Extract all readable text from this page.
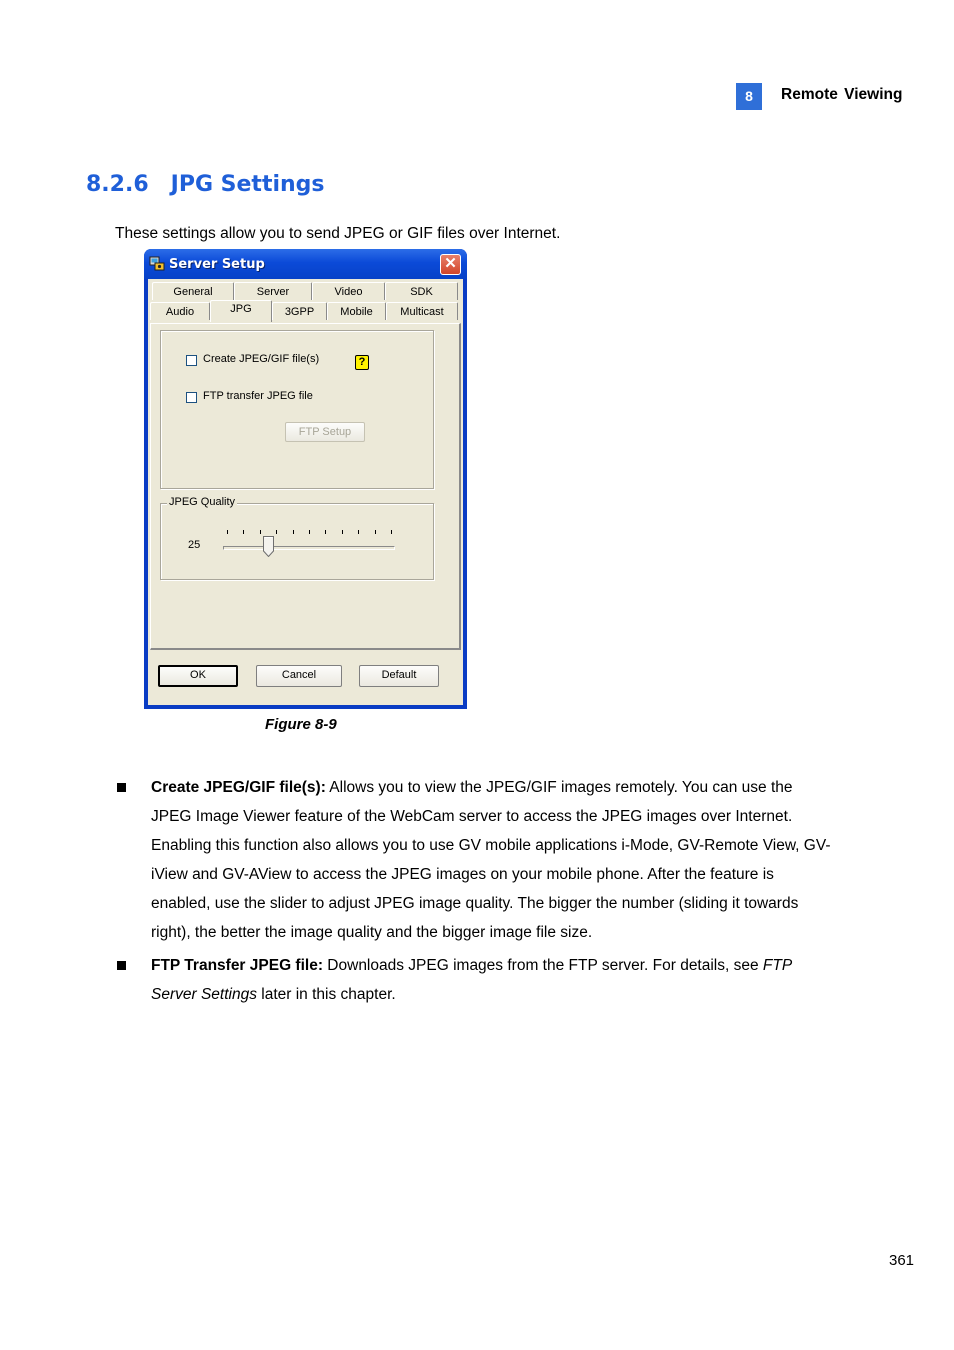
8	Remote Viewing
8.2.6 JPG Settings
These settings allow you to send JPEG or GIF files over Internet.
Server Setup	✕
General	Server	Video	SDK
Audio	JPG	3GPP	Mobile	Multicast
Create JPEG/GIF file(s)	?
FTP transfer JPEG file
FTP Setup
JPEG Quality
25
OK	Cancel	Default
Figure 8-9
Create JPEG/GIF file(s): Allows you to view the JPEG/GIF images remotely. You can use the JPEG Image Viewer feature of the WebCam server to access the JPEG images over Internet. Enabling this function also allows you to use GV mobile applications i-Mode, GV-Remote View, GV-iView and GV-AView to access the JPEG images on your mobile phone. After the feature is enabled, use the slider to adjust JPEG image quality. The bigger the number (sliding it towards right), the better the image quality and the bigger image file size.
FTP Transfer JPEG file: Downloads JPEG images from the FTP server. For details, see FTP Server Settings later in this chapter.
361
